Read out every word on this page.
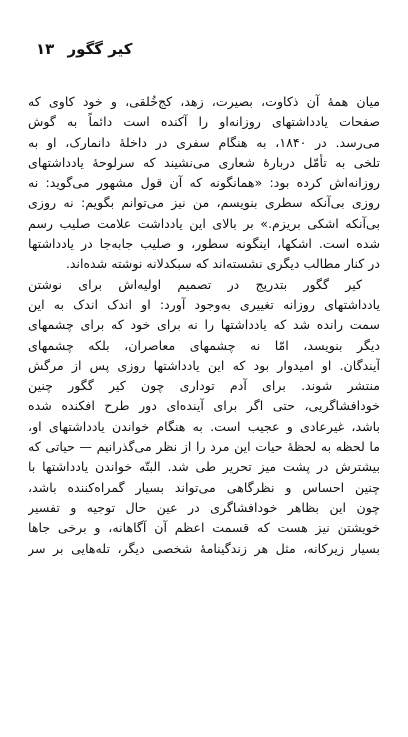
کیر گگور ۱۳
میان همهٔ آن ذکاوت، بصیرت، زهد، کج‌خُلقی، و خود کاوی که
صفحات یادداشتهای روزانه‌او را آکنده است دائماً به گوش
می‌رسد. در ۱۸۴۰، به هنگام سفری در داخلهٔ دانمارک، او به
تلخی به تأمّل دربارهٔ شعاری می‌نشیند که سرلوحهٔ یادداشتهای
روزانه‌اش کرده بود: «همانگونه که آن قول مشهور می‌گوید: نه
روزی بی‌آنکه سطری بنویسم، من نیز می‌توانم بگویم: نه روزی
بی‌آنکه اشکی بریزم.» بر بالای این یادداشت علامت صلیب رسم
شده است. اشکها، اینگونه سطور، و صلیب جابه‌جا در یادداشتها
در کنار مطالب دیگری نشسته‌اند که سبکدلانه نوشته شده‌اند.
کیر گگور بتدریج در تصمیم اولیه‌اش برای نوشتن
یادداشتهای روزانه تغییری به‌وجود آورد: او اندک اندک به این
سمت رانده شد که یادداشتها را نه برای خود که برای چشمهای
دیگر بنویسد، امّا نه چشمهای معاصران، بلکه چشمهای
آیندگان. او امیدوار بود که این یادداشتها روزی پس از مرگش
منتشر شوند. برای آدم توداری چون کیر گگور چنین
خودافشاگریی، حتی اگر برای آینده‌ای دور طرح افکنده شده
باشد، غیرعادی و عجیب است. به هنگام خواندن یادداشتهای او،
ما لحظه به لحظهٔ حیات این مرد را از نظر می‌گذرانیم — حیاتی که
بیشترش در پشت میز تحریر طی شد. البتّه خواندن یادداشتها با
چنین احساس و نظرگاهی می‌تواند بسیار گمراه‌کننده باشد،
چون این بظاهر خودافشاگری در عین حال توجیه و تفسیر
خویشتن نیز هست که قسمت اعظم آن آگاهانه، و برخی جاها
بسیار زیرکانه، مثل هر زندگینامهٔ شخصی دیگر، تله‌هایی بر سر
